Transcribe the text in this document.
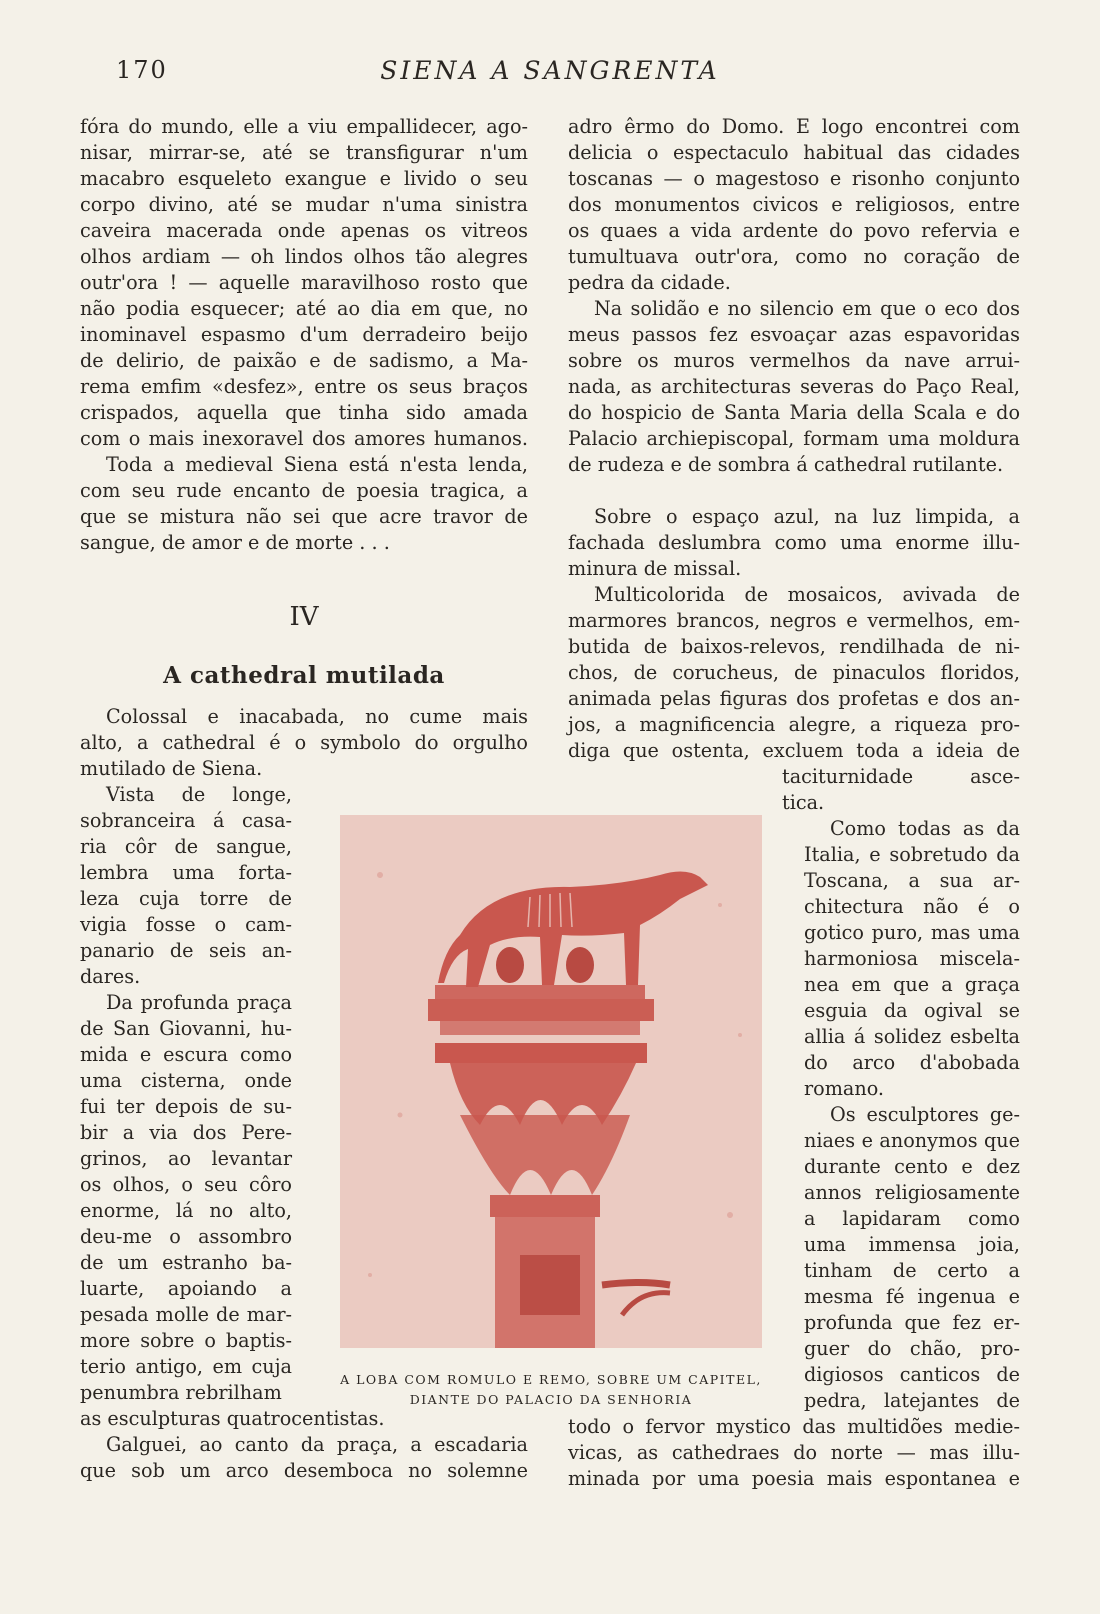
170	SIENA A SANGRENTA

fóra do mundo, elle a viu empallidecer, ago-

nisar, mirrar-se, até se transfigurar n'um

macabro esqueleto exangue e livido o seu

corpo divino, até se mudar n'uma sinistra

caveira macerada onde apenas os vitreos

olhos ardiam — oh lindos olhos tão alegres

outr'ora ! — aquelle maravilhoso rosto que

não podia esquecer; até ao dia em que, no

inominavel espasmo d'um derradeiro beijo

de delirio, de paixão e de sadismo, a Ma-

rema emfim «desfez», entre os seus braços

crispados, aquella que tinha sido amada

com o mais inexoravel dos amores humanos.

Toda a medieval Siena está n'esta lenda,

com seu rude encanto de poesia tragica, a

que se mistura não sei que acre travor de

sangue, de amor e de morte . . .

IV

A cathedral mutilada

Colossal e inacabada, no cume mais

alto, a cathedral é o symbolo do orgulho

mutilado de Siena.

Vista de longe,

sobranceira á casa-

ria côr de sangue,

lembra uma forta-

leza cuja torre de

vigia fosse o cam-

panario de seis an-

dares.

Da profunda praça

de San Giovanni, hu-

mida e escura como

uma cisterna, onde

fui ter depois de su-

bir a via dos Pere-

grinos, ao levantar

os olhos, o seu côro

enorme, lá no alto,

deu-me o assombro

de um estranho ba-

luarte, apoiando a

pesada molle de mar-

more sobre o baptis-

terio antigo, em cuja

penumbra rebrilham

as esculpturas quatrocentistas.

Galguei, ao canto da praça, a escadaria

que sob um arco desemboca no solemne

adro êrmo do Domo. E logo encontrei com

delicia o espectaculo habitual das cidades

toscanas — o magestoso e risonho conjunto

dos monumentos civicos e religiosos, entre

os quaes a vida ardente do povo refervia e

tumultuava outr'ora, como no coração de

pedra da cidade.

Na solidão e no silencio em que o eco dos

meus passos fez esvoaçar azas espavoridas

sobre os muros vermelhos da nave arrui-

nada, as architecturas severas do Paço Real,

do hospicio de Santa Maria della Scala e do

Palacio archiepiscopal, formam uma moldura

de rudeza e de sombra á cathedral rutilante.

Sobre o espaço azul, na luz limpida, a

fachada deslumbra como uma enorme illu-

minura de missal.

Multicolorida de mosaicos, avivada de

marmores brancos, negros e vermelhos, em-

butida de baixos-relevos, rendilhada de ni-

chos, de corucheus, de pinaculos floridos,

animada pelas figuras dos profetas e dos an-

jos, a magnificencia alegre, a riqueza pro-

diga que ostenta, excluem toda a ideia de

taciturnidade asce-

tica.

Como todas as da

Italia, e sobretudo da

Toscana, a sua ar-

chitectura não é o

gotico puro, mas uma

harmoniosa miscela-

nea em que a graça

esguia da ogival se

allia á solidez esbelta

do arco d'abobada

romano.

Os esculptores ge-

niaes e anonymos que

durante cento e dez

annos religiosamente

a lapidaram como

uma immensa joia,

tinham de certo a

mesma fé ingenua e

profunda que fez er-

guer do chão, pro-

digiosos canticos de

pedra, latejantes de

todo o fervor mystico das multidões medie-

vicas, as cathedraes do norte — mas illu-

minada por uma poesia mais espontanea e

A LOBA COM ROMULO E REMO, SOBRE UM CAPITEL,
DIANTE DO PALACIO DA SENHORIA
